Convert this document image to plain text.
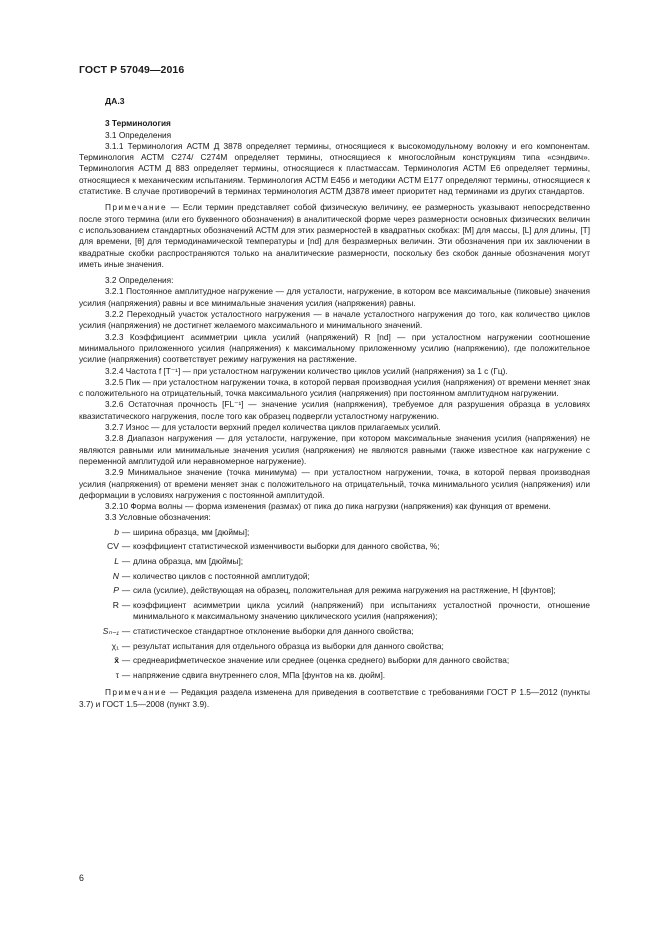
ГОСТ Р 57049—2016

ДА.3

3 Терминология

3.1 Определения

3.1.1 Терминология АСТМ Д 3878 определяет термины, относящиеся к высокомодульному волокну и его компонентам. Терминология АСТМ С274/ С274М определяет термины, относящиеся к многослойным конструкциям типа «сэндвич». Терминология АСТМ Д 883 определяет термины, относящиеся к пластмассам. Терминология АСТМ Е6 определяет термины, относящиеся к механическим испытаниям. Терминология АСТМ Е456 и методики АСТМ Е177 определяют термины, относящиеся к статистике. В случае противоречий в терминах терминология АСТМ Д3878 имеет приоритет над терминами из других стандартов.

Примечание — Если термин представляет собой физическую величину, ее размерность указывают непосредственно после этого термина (или его буквенного обозначения) в аналитической форме через размерности основных физических величин с использованием стандартных обозначений АСТМ для этих размерностей в квадратных скобках: [М] для массы, [L] для длины, [T] для времени, [θ] для термодинамической температуры и [nd] для безразмерных величин. Эти обозначения при их заключении в квадратные скобки распространяются только на аналитические размерности, поскольку без скобок данные обозначения могут иметь иные значения.

3.2 Определения:

3.2.1 Постоянное амплитудное нагружение — для усталости, нагружение, в котором все максимальные (пиковые) значения усилия (напряжения) равны и все минимальные значения усилия (напряжения) равны.

3.2.2 Переходный участок усталостного нагружения — в начале усталостного нагружения до того, как количество циклов усилия (напряжения) не достигнет желаемого максимального и минимального значений.

3.2.3 Коэффициент асимметрии цикла усилий (напряжений) R [nd] — при усталостном нагружении соотношение минимального приложенного усилия (напряжения) к максимальному приложенному усилию (напряжению), где положительное усилие (напряжения) соответствует режиму нагружения на растяжение.

3.2.4 Частота f [T⁻¹] — при усталостном нагружении количество циклов усилий (напряжения) за 1 с (Гц).

3.2.5 Пик — при усталостном нагружении точка, в которой первая производная усилия (напряжения) от времени меняет знак с положительного на отрицательный, точка максимального усилия (напряжения) при постоянном амплитудном нагружении.

3.2.6 Остаточная прочность [FL⁻¹] — значение усилия (напряжения), требуемое для разрушения образца в условиях квазистатического нагружения, после того как образец подвергли усталостному нагружению.

3.2.7 Износ — для усталости верхний предел количества циклов прилагаемых усилий.

3.2.8 Диапазон нагружения — для усталости, нагружение, при котором максимальные значения усилия (напряжения) не являются равными или минимальные значения усилия (напряжения) не являются равными (также известное как нагружение с переменной амплитудой или неравномерное нагружение).

3.2.9 Минимальное значение (точка минимума) — при усталостном нагружении, точка, в которой первая производная усилия (напряжения) от времени меняет знак с положительного на отрицательный, точка минимального усилия (напряжения) или деформации в условиях нагружения с постоянной амплитудой.

3.2.10 Форма волны — форма изменения (размах) от пика до пика нагрузки (напряжения) как функция от времени.

3.3 Условные обозначения:

b — ширина образца, мм [дюймы];
CV — коэффициент статистической изменчивости выборки для данного свойства, %;
L — длина образца, мм [дюймы];
N — количество циклов с постоянной амплитудой;
P — сила (усилие), действующая на образец, положительная для режима нагружения на растяжение, Н [фунтов];
R — коэффициент асимметрии цикла усилий (напряжений) при испытаниях усталостной прочности, отношение минимального к максимальному значению циклического усилия (напряжения);
Sₙ₋₁ — статистическое стандартное отклонение выборки для данного свойства;
χ₁ — результат испытания для отдельного образца из выборки для данного свойства;
x̄ — среднеарифметическое значение или среднее (оценка среднего) выборки для данного свойства;
τ — напряжение сдвига внутреннего слоя, МПа [фунтов на кв. дюйм].

Примечание — Редакция раздела изменена для приведения в соответствие с требованиями ГОСТ Р 1.5—2012 (пункты 3.7) и ГОСТ 1.5—2008 (пункт 3.9).

6
